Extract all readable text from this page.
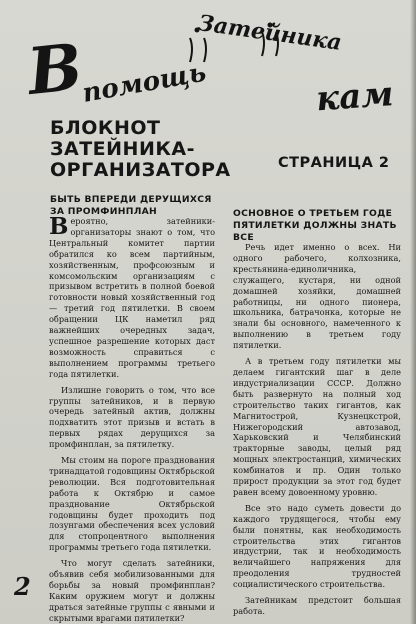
В
помощь
Затейника
кам
БЛОКНОТ
ЗАТЕЙНИКА-
ОРГАНИЗАТОРА	СТРАНИЦА 2
БЫТЬ ВПЕРЕДИ ДЕРУЩИХСЯ ЗА ПРОМФИНПЛАН

Вероятно, затейники-организаторы знают о том, что Центральный комитет партии обратился ко всем партийным, хозяйственным, профсоюзным и комсомольским организациям с призывом встретить в полной боевой готовности новый хозяйственный год — третий год пятилетки. В своем обращении ЦК наметил ряд важнейших очередных задач, успешное разрешение которых даст возможность справиться с выполнением программы третьего года пятилетки.

Излишне говорить о том, что все группы затейников, и в первую очередь затейный актив, должны подхватить этот призыв и встать в первых рядах дерущихся за промфинплан, за пятилетку.

Мы стоим на пороге празднования тринадцатой годовщины Октябрьской революции. Вся подготовительная работа к Октябрю и самое празднование Октябрьской годовщины будет проходить под лозунгами обеспечения всех условий для стопроцентного выполнения программы третьего года пятилетки.

Что могут сделать затейники, объявив себя мобилизованными для борьбы за новый промфинплан? Каким оружием могут и должны драться затейные группы с явными и скрытыми врагами пятилетки?

ОСНОВНОЕ О ТРЕТЬЕМ ГОДЕ ПЯТИЛЕТКИ ДОЛЖНЫ ЗНАТЬ ВСЕ

Речь идет именно о всех. Ни одного рабочего, колхозника, крестьянина-единоличника, служащего, кустаря, ни одной домашней хозяйки, домашней работницы, ни одного пионера, школьника, батрачонка, которые не знали бы основного, намеченного к выполнению в третьем году пятилетки.

А в третьем году пятилетки мы делаем гигантский шаг в деле индустриализации СССР. Должно быть развернуто на полный ход строительство таких гигантов, как Магнитострой, Кузнецкстрой, Нижегородский автозавод, Харьковский и Челябинский тракторные заводы, целый ряд мощных электростанций, химических комбинатов и пр. Один только прирост продукции за этот год будет равен всему довоенному уровню.

Все это надо суметь довести до каждого трудящегося, чтобы ему были понятны, как необходимость строительства этих гигантов индустрии, так и необходимость величайшего напряжения для преодоления трудностей социалистического строительства.

Затейникам предстоит большая работа.

2
